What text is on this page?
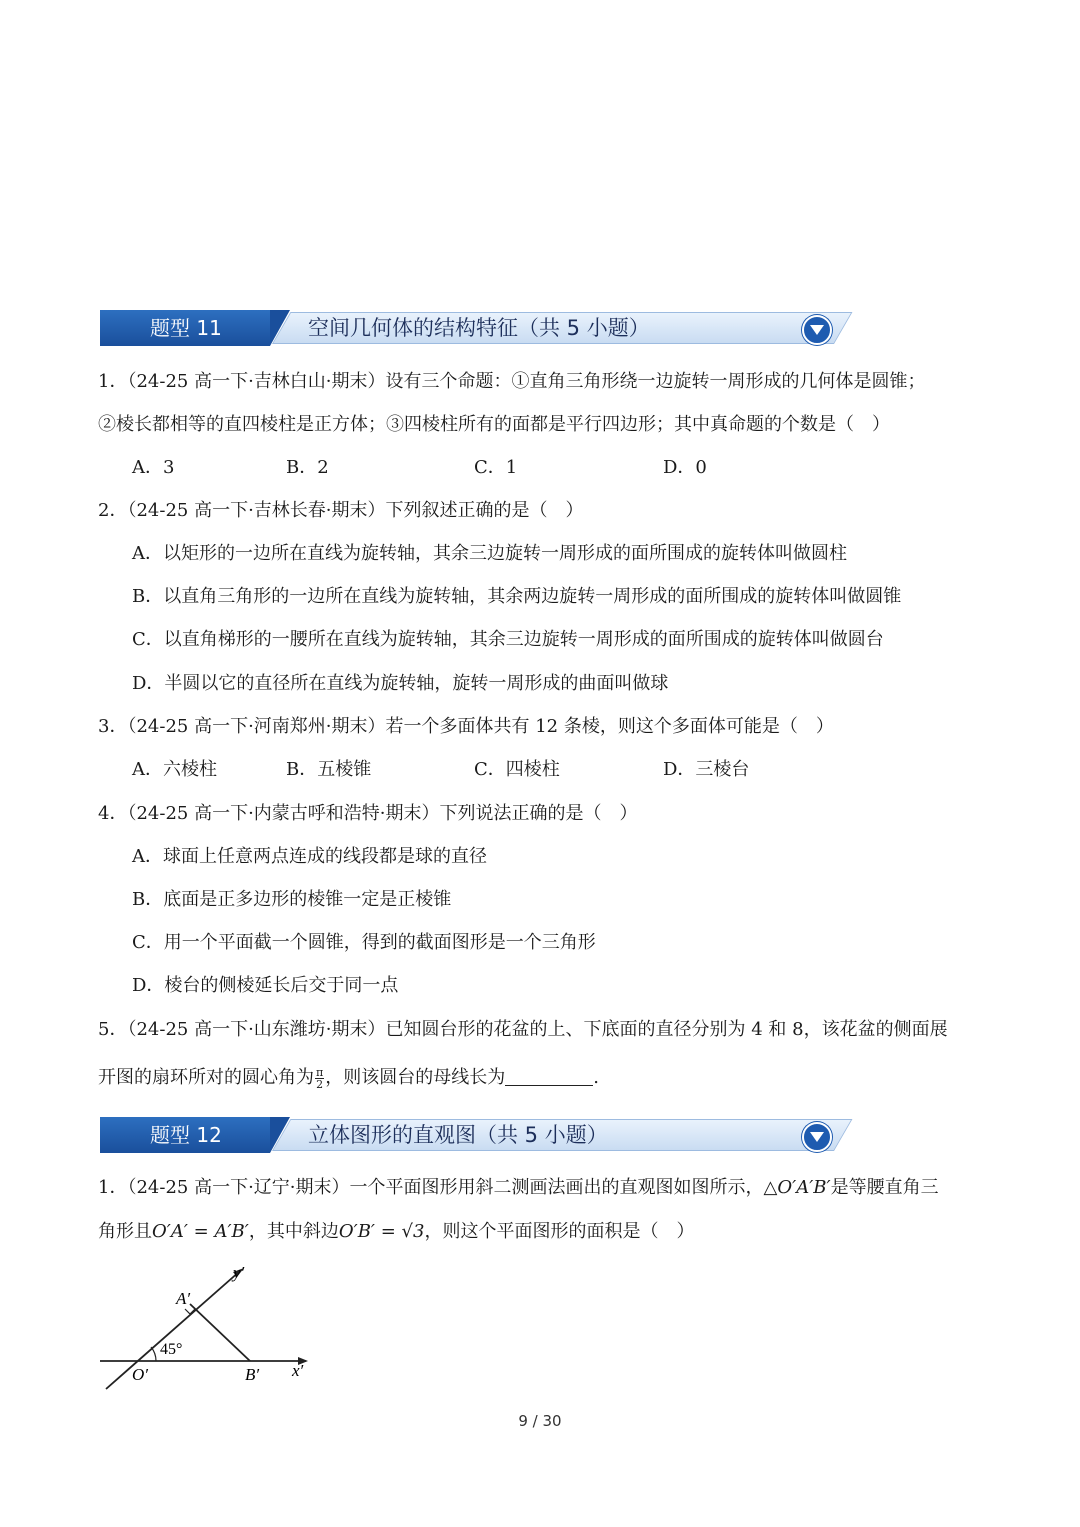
题型 11	空间几何体的结构特征（共 5 小题）
1．（24-25 高一下·吉林白山·期末）设有三个命题：①直角三角形绕一边旋转一周形成的几何体是圆锥；
②棱长都相等的直四棱柱是正方体；③四棱柱所有的面都是平行四边形；其中真命题的个数是（　）
A．3	B．2	C．1	D．0
2．（24-25 高一下·吉林长春·期末）下列叙述正确的是（　）
A．以矩形的一边所在直线为旋转轴，其余三边旋转一周形成的面所围成的旋转体叫做圆柱
B．以直角三角形的一边所在直线为旋转轴，其余两边旋转一周形成的面所围成的旋转体叫做圆锥
C．以直角梯形的一腰所在直线为旋转轴，其余三边旋转一周形成的面所围成的旋转体叫做圆台
D．半圆以它的直径所在直线为旋转轴，旋转一周形成的曲面叫做球
3．（24-25 高一下·河南郑州·期末）若一个多面体共有 12 条棱，则这个多面体可能是（　）
A．六棱柱	B．五棱锥	C．四棱柱	D．三棱台
4．（24-25 高一下·内蒙古呼和浩特·期末）下列说法正确的是（　）
A．球面上任意两点连成的线段都是球的直径
B．底面是正多边形的棱锥一定是正棱锥
C．用一个平面截一个圆锥，得到的截面图形是一个三角形
D．棱台的侧棱延长后交于同一点
5．（24-25 高一下·山东潍坊·期末）已知圆台形的花盆的上、下底面的直径分别为 4 和 8，该花盆的侧面展
开图的扇环所对的圆心角为 $\frac{\pi}{2}$ ，则该圆台的母线长为	.
题型 12	立体图形的直观图（共 5 小题）
1．（24-25 高一下·辽宁·期末）一个平面图形用斜二测画法画出的直观图如图所示，△O′A′B′是等腰直角三
角形且O′A′ = A′B′，其中斜边O′B′ = √3，则这个平面图形的面积是（　）
y′
A′
45°
O′	B′ x′
9 / 30
